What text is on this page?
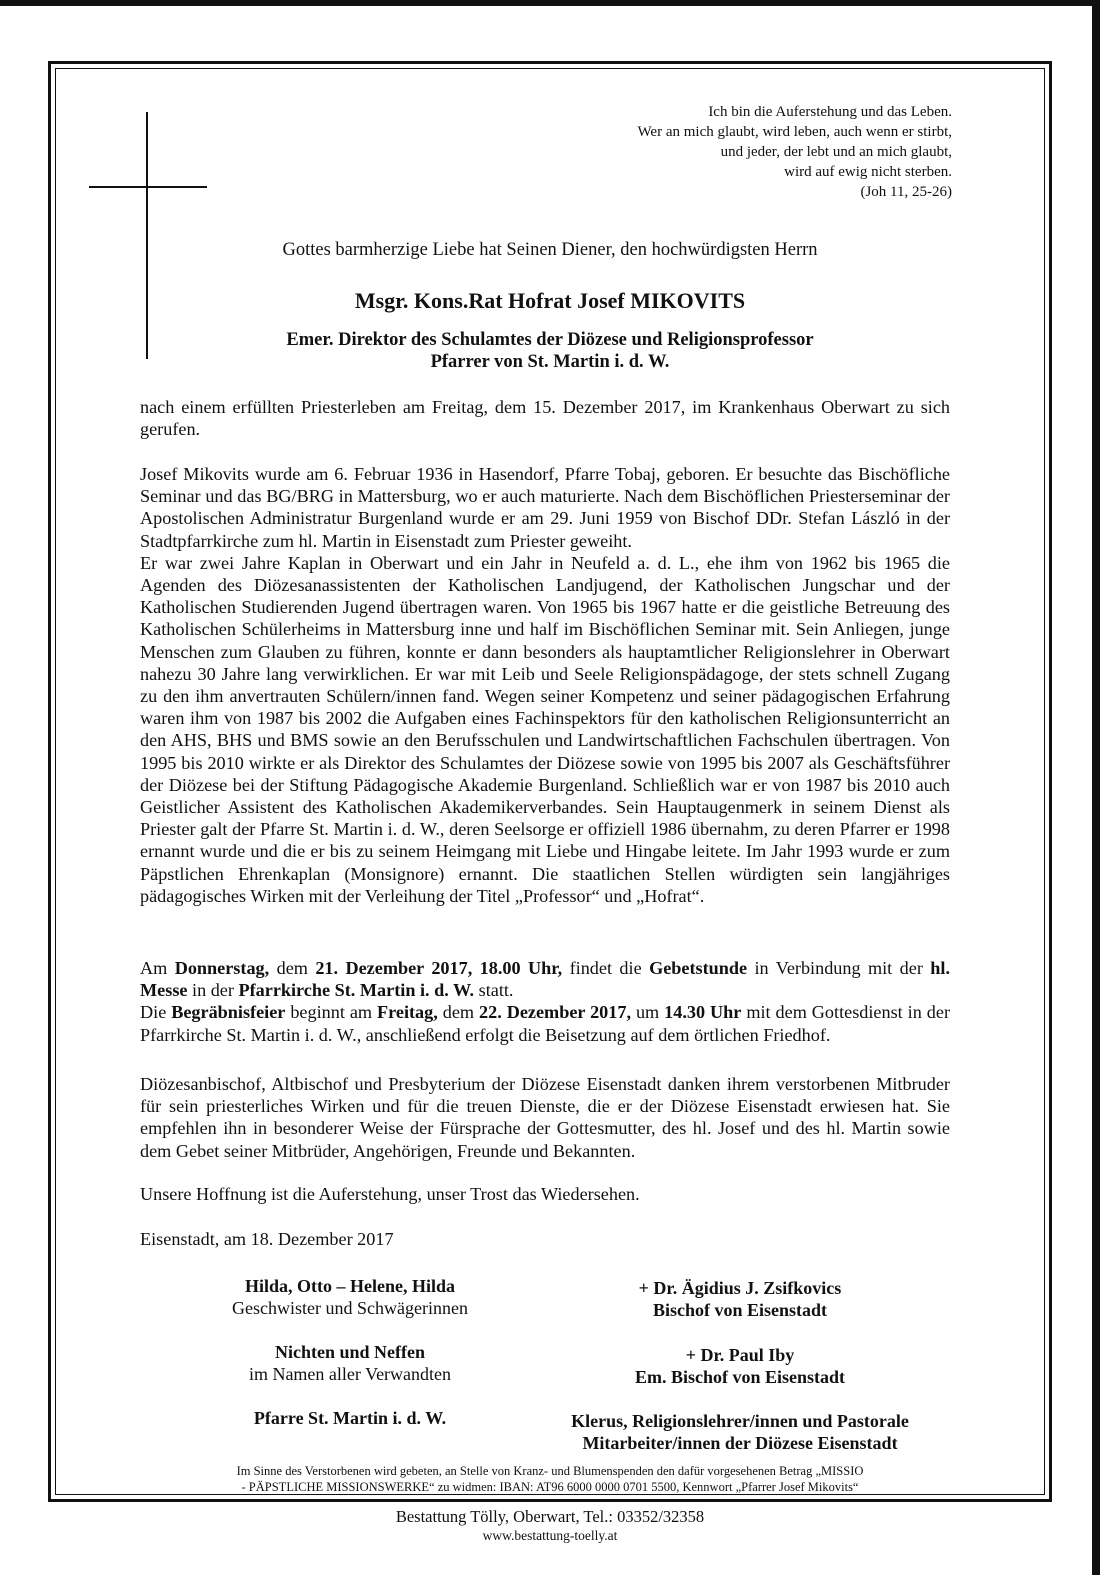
Ich bin die Auferstehung und das Leben.
Wer an mich glaubt, wird leben, auch wenn er stirbt,
und jeder, der lebt und an mich glaubt,
wird auf ewig nicht sterben.
(Joh 11, 25-26)
Gottes barmherzige Liebe hat Seinen Diener, den hochwürdigsten Herrn
Msgr. Kons.Rat Hofrat Josef MIKOVITS
Emer. Direktor des Schulamtes der Diözese und Religionsprofessor
Pfarrer von St. Martin i. d. W.
nach einem erfüllten Priesterleben am Freitag, dem 15. Dezember 2017, im Krankenhaus Oberwart zu sich gerufen.
Josef Mikovits wurde am 6. Februar 1936 in Hasendorf, Pfarre Tobaj, geboren. Er besuchte das Bischöfliche Seminar und das BG/BRG in Mattersburg, wo er auch maturierte. Nach dem Bischöflichen Priesterseminar der Apostolischen Administratur Burgenland wurde er am 29. Juni 1959 von Bischof DDr. Stefan László in der Stadtpfarrkirche zum hl. Martin in Eisenstadt zum Priester geweiht.
Er war zwei Jahre Kaplan in Oberwart und ein Jahr in Neufeld a. d. L., ehe ihm von 1962 bis 1965 die Agenden des Diözesanassistenten der Katholischen Landjugend, der Katholischen Jungschar und der Katholischen Studierenden Jugend übertragen waren. Von 1965 bis 1967 hatte er die geistliche Betreuung des Katholischen Schülerheims in Mattersburg inne und half im Bischöflichen Seminar mit. Sein Anliegen, junge Menschen zum Glauben zu führen, konnte er dann besonders als hauptamtlicher Religionslehrer in Oberwart nahezu 30 Jahre lang verwirklichen. Er war mit Leib und Seele Religionspädagoge, der stets schnell Zugang zu den ihm anvertrauten Schülern/innen fand. Wegen seiner Kompetenz und seiner pädagogischen Erfahrung waren ihm von 1987 bis 2002 die Aufgaben eines Fachinspektors für den katholischen Religionsunterricht an den AHS, BHS und BMS sowie an den Berufsschulen und Landwirtschaftlichen Fachschulen übertragen. Von 1995 bis 2010 wirkte er als Direktor des Schulamtes der Diözese sowie von 1995 bis 2007 als Geschäftsführer der Diözese bei der Stiftung Pädagogische Akademie Burgenland. Schließlich war er von 1987 bis 2010 auch Geistlicher Assistent des Katholischen Akademikerverbandes. Sein Hauptaugenmerk in seinem Dienst als Priester galt der Pfarre St. Martin i. d. W., deren Seelsorge er offiziell 1986 übernahm, zu deren Pfarrer er 1998 ernannt wurde und die er bis zu seinem Heimgang mit Liebe und Hingabe leitete. Im Jahr 1993 wurde er zum Päpstlichen Ehrenkaplan (Monsignore) ernannt. Die staatlichen Stellen würdigten sein langjähriges pädagogisches Wirken mit der Verleihung der Titel „Professor“ und „Hofrat“.
Am Donnerstag, dem 21. Dezember 2017, 18.00 Uhr, findet die Gebetstunde in Verbindung mit der hl. Messe in der Pfarrkirche St. Martin i. d. W. statt.
Die Begräbnisfeier beginnt am Freitag, dem 22. Dezember 2017, um 14.30 Uhr mit dem Gottesdienst in der Pfarrkirche St. Martin i. d. W., anschließend erfolgt die Beisetzung auf dem örtlichen Friedhof.
Diözesanbischof, Altbischof und Presbyterium der Diözese Eisenstadt danken ihrem verstorbenen Mitbruder für sein priesterliches Wirken und für die treuen Dienste, die er der Diözese Eisenstadt erwiesen hat. Sie empfehlen ihn in besonderer Weise der Fürsprache der Gottesmutter, des hl. Josef und des hl. Martin sowie dem Gebet seiner Mitbrüder, Angehörigen, Freunde und Bekannten.
Unsere Hoffnung ist die Auferstehung, unser Trost das Wiedersehen.
Eisenstadt, am 18. Dezember 2017
Hilda, Otto – Helene, Hilda
Geschwister und Schwägerinnen
+ Dr. Ägidius J. Zsifkovics
Bischof von Eisenstadt
Nichten und Neffen
im Namen aller Verwandten
+ Dr. Paul Iby
Em. Bischof von Eisenstadt
Pfarre St. Martin i. d. W.	Klerus, Religionslehrer/innen und Pastorale
Mitarbeiter/innen der Diözese Eisenstadt
Im Sinne des Verstorbenen wird gebeten, an Stelle von Kranz- und Blumenspenden den dafür vorgesehenen Betrag „MISSIO
- PÄPSTLICHE MISSIONSWERKE“ zu widmen: IBAN: AT96 6000 0000 0701 5500, Kennwort „Pfarrer Josef Mikovits“
Bestattung Tölly, Oberwart, Tel.: 03352/32358
www.bestattung-toelly.at
